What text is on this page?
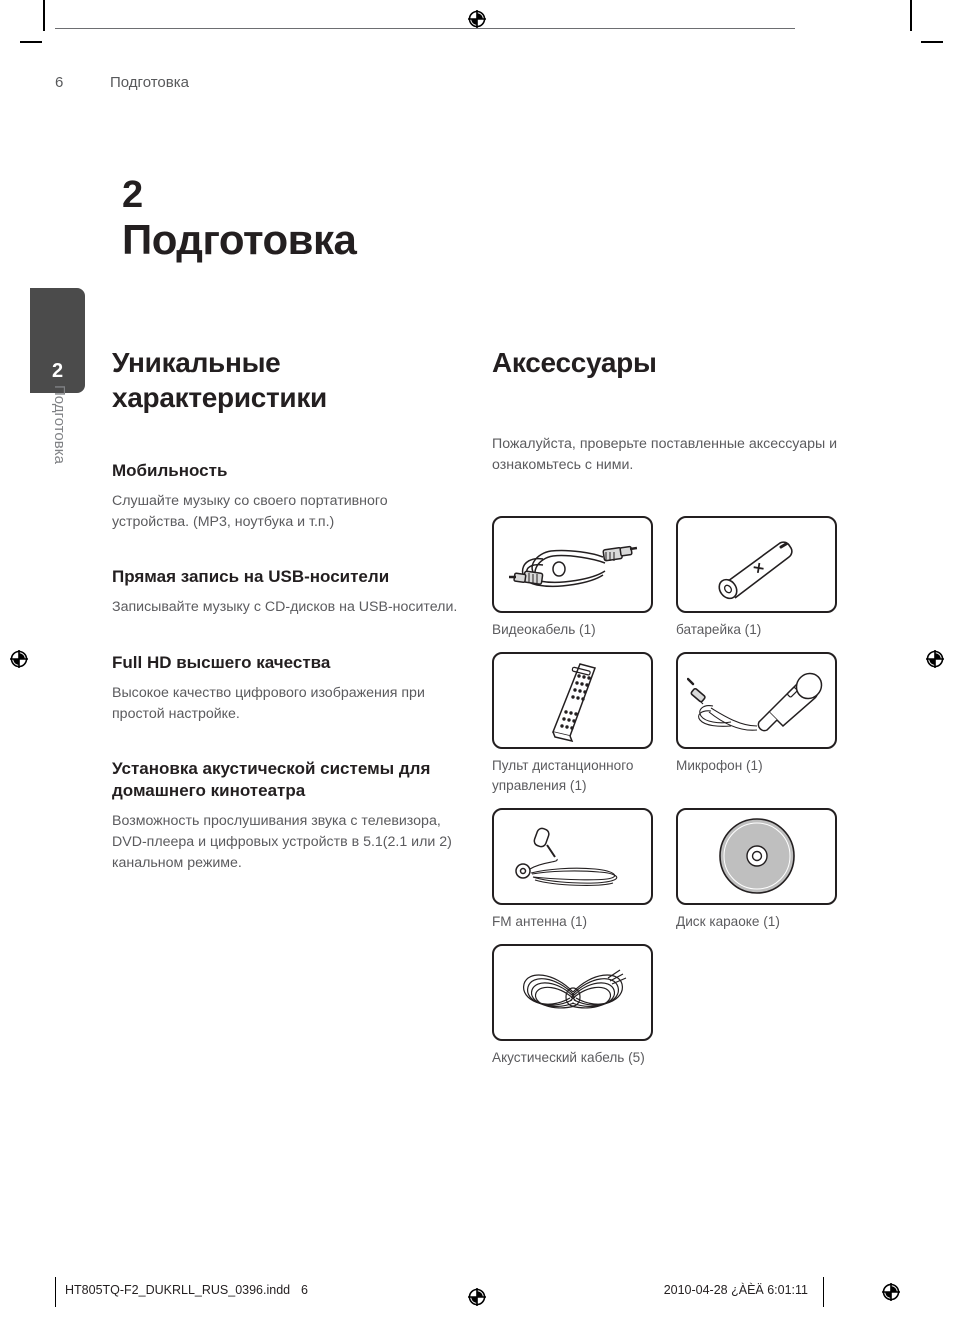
6	Подготовка
2
Подготовка
2
Подготовка
Уникальные характеристики
Мобильность
Слушайте музыку со своего портативного устройства. (MP3, ноутбука и т.п.)
Прямая запись на USB-носители
Записывайте музыку с CD-дисков на USB-носители.
Full HD высшего качества
Высокое качество цифрового изображения при простой настройке.
Установка акустической системы для домашнего кинотеатра
Возможность прослушивания звука с телевизора, DVD-плеера и цифровых устройств в 5.1(2.1 или 2) канальном режиме.
Аксессуары
Пожалуйста, проверьте поставленные аксессуары и ознакомьтесь с ними.
Видеокабель (1)
✕
батарейка (1)
Пульт дистанционного управления (1)
Микрофон (1)
FM антенна (1)	Диск караоке (1)
Акустический кабель (5)
HT805TQ-F2_DUKRLL_RUS_0396.indd 6	2010-04-28 ¿ÀÈÄ 6:01:11
